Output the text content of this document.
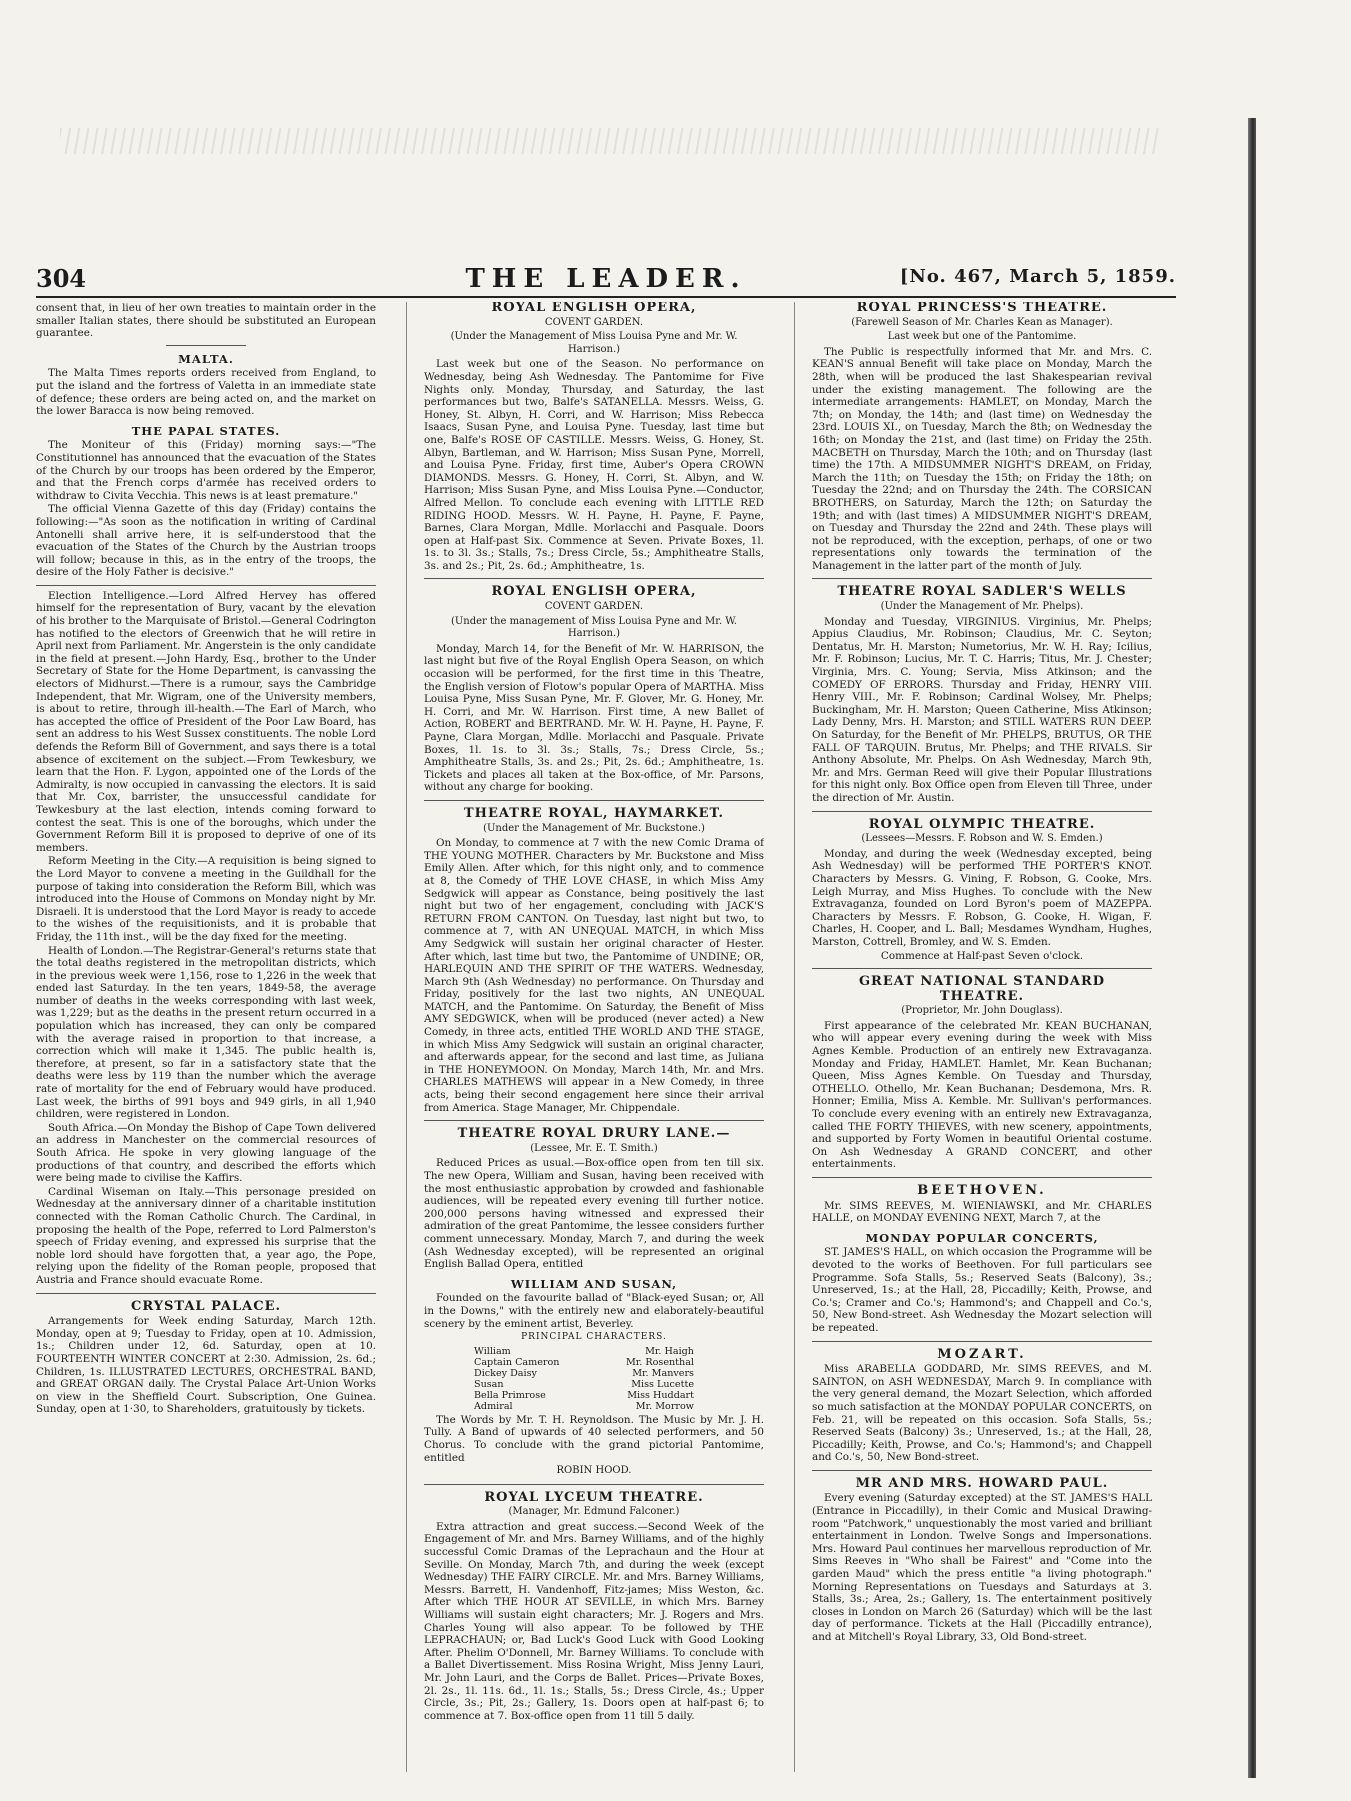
304	THE LEADER.	[No. 467, March 5, 1859.

consent that, in lieu of her own treaties to maintain order in the smaller Italian states, there should be substituted an European guarantee.

MALTA.

The Malta Times reports orders received from England, to put the island and the fortress of Valetta in an immediate state of defence; these orders are being acted on, and the market on the lower Baracca is now being removed.

THE PAPAL STATES.

The Moniteur of this (Friday) morning says:—"The Constitutionnel has announced that the evacuation of the States of the Church by our troops has been ordered by the Emperor, and that the French corps d'armée has received orders to withdraw to Civita Vecchia. This news is at least premature."

The official Vienna Gazette of this day (Friday) contains the following:—"As soon as the notification in writing of Cardinal Antonelli shall arrive here, it is self-understood that the evacuation of the States of the Church by the Austrian troops will follow; because in this, as in the entry of the troops, the desire of the Holy Father is decisive."

Election Intelligence.—Lord Alfred Hervey has offered himself for the representation of Bury, vacant by the elevation of his brother to the Marquisate of Bristol.—General Codrington has notified to the electors of Greenwich that he will retire in April next from Parliament. Mr. Angerstein is the only candidate in the field at present.—John Hardy, Esq., brother to the Under Secretary of State for the Home Department, is canvassing the electors of Midhurst.—There is a rumour, says the Cambridge Independent, that Mr. Wigram, one of the University members, is about to retire, through ill-health.—The Earl of March, who has accepted the office of President of the Poor Law Board, has sent an address to his West Sussex constituents. The noble Lord defends the Reform Bill of Government, and says there is a total absence of excitement on the subject.—From Tewkesbury, we learn that the Hon. F. Lygon, appointed one of the Lords of the Admiralty, is now occupied in canvassing the electors. It is said that Mr. Cox, barrister, the unsuccessful candidate for Tewkesbury at the last election, intends coming forward to contest the seat. This is one of the boroughs, which under the Government Reform Bill it is proposed to deprive of one of its members.

Reform Meeting in the City.—A requisition is being signed to the Lord Mayor to convene a meeting in the Guildhall for the purpose of taking into consideration the Reform Bill, which was introduced into the House of Commons on Monday night by Mr. Disraeli. It is understood that the Lord Mayor is ready to accede to the wishes of the requisitionists, and it is probable that Friday, the 11th inst., will be the day fixed for the meeting.

Health of London.—The Registrar-General's returns state that the total deaths registered in the metropolitan districts, which in the previous week were 1,156, rose to 1,226 in the week that ended last Saturday. In the ten years, 1849-58, the average number of deaths in the weeks corresponding with last week, was 1,229; but as the deaths in the present return occurred in a population which has increased, they can only be compared with the average raised in proportion to that increase, a correction which will make it 1,345. The public health is, therefore, at present, so far in a satisfactory state that the deaths were less by 119 than the number which the average rate of mortality for the end of February would have produced. Last week, the births of 991 boys and 949 girls, in all 1,940 children, were registered in London.

South Africa.—On Monday the Bishop of Cape Town delivered an address in Manchester on the commercial resources of South Africa. He spoke in very glowing language of the productions of that country, and described the efforts which were being made to civilise the Kaffirs.

Cardinal Wiseman on Italy.—This personage presided on Wednesday at the anniversary dinner of a charitable institution connected with the Roman Catholic Church. The Cardinal, in proposing the health of the Pope, referred to Lord Palmerston's speech of Friday evening, and expressed his surprise that the noble lord should have forgotten that, a year ago, the Pope, relying upon the fidelity of the Roman people, proposed that Austria and France should evacuate Rome.

CRYSTAL PALACE.

Arrangements for Week ending Saturday, March 12th. Monday, open at 9; Tuesday to Friday, open at 10. Admission, 1s.; Children under 12, 6d. Saturday, open at 10. FOURTEENTH WINTER CONCERT at 2:30. Admission, 2s. 6d.; Children, 1s. ILLUSTRATED LECTURES, ORCHESTRAL BAND, and GREAT ORGAN daily. The Crystal Palace Art-Union Works on view in the Sheffield Court. Subscription, One Guinea. Sunday, open at 1·30, to Shareholders, gratuitously by tickets.

ROYAL ENGLISH OPERA,
COVENT GARDEN.
(Under the Management of Miss Louisa Pyne and Mr. W. Harrison.)

Last week but one of the Season. No performance on Wednesday, being Ash Wednesday. The Pantomime for Five Nights only. Monday, Thursday, and Saturday, the last performances but two, Balfe's SATANELLA. Messrs. Weiss, G. Honey, St. Albyn, H. Corri, and W. Harrison; Miss Rebecca Isaacs, Susan Pyne, and Louisa Pyne. Tuesday, last time but one, Balfe's ROSE OF CASTILLE. Messrs. Weiss, G. Honey, St. Albyn, Bartleman, and W. Harrison; Miss Susan Pyne, Morrell, and Louisa Pyne. Friday, first time, Auber's Opera CROWN DIAMONDS. Messrs. G. Honey, H. Corri, St. Albyn, and W. Harrison; Miss Susan Pyne, and Miss Louisa Pyne.—Conductor, Alfred Mellon. To conclude each evening with LITTLE RED RIDING HOOD. Messrs. W. H. Payne, H. Payne, F. Payne, Barnes, Clara Morgan, Mdlle. Morlacchi and Pasquale. Doors open at Half-past Six. Commence at Seven. Private Boxes, 1l. 1s. to 3l. 3s.; Stalls, 7s.; Dress Circle, 5s.; Amphitheatre Stalls, 3s. and 2s.; Pit, 2s. 6d.; Amphitheatre, 1s.

ROYAL ENGLISH OPERA,
COVENT GARDEN.
(Under the management of Miss Louisa Pyne and Mr. W. Harrison.)

Monday, March 14, for the Benefit of Mr. W. HARRISON, the last night but five of the Royal English Opera Season, on which occasion will be performed, for the first time in this Theatre, the English version of Flotow's popular Opera of MARTHA. Miss Louisa Pyne, Miss Susan Pyne, Mr. F. Glover, Mr. G. Honey, Mr. H. Corri, and Mr. W. Harrison. First time, A new Ballet of Action, ROBERT and BERTRAND. Mr. W. H. Payne, H. Payne, F. Payne, Clara Morgan, Mdlle. Morlacchi and Pasquale. Private Boxes, 1l. 1s. to 3l. 3s.; Stalls, 7s.; Dress Circle, 5s.; Amphitheatre Stalls, 3s. and 2s.; Pit, 2s. 6d.; Amphitheatre, 1s. Tickets and places all taken at the Box-office, of Mr. Parsons, without any charge for booking.

THEATRE ROYAL, HAYMARKET.
(Under the Management of Mr. Buckstone.)

On Monday, to commence at 7 with the new Comic Drama of THE YOUNG MOTHER. Characters by Mr. Buckstone and Miss Emily Allen. After which, for this night only, and to commence at 8, the Comedy of THE LOVE CHASE, in which Miss Amy Sedgwick will appear as Constance, being positively the last night but two of her engagement, concluding with JACK'S RETURN FROM CANTON. On Tuesday, last night but two, to commence at 7, with AN UNEQUAL MATCH, in which Miss Amy Sedgwick will sustain her original character of Hester. After which, last time but two, the Pantomime of UNDINE; OR, HARLEQUIN AND THE SPIRIT OF THE WATERS. Wednesday, March 9th (Ash Wednesday) no performance. On Thursday and Friday, positively for the last two nights, AN UNEQUAL MATCH, and the Pantomime. On Saturday, the Benefit of Miss AMY SEDGWICK, when will be produced (never acted) a New Comedy, in three acts, entitled THE WORLD AND THE STAGE, in which Miss Amy Sedgwick will sustain an original character, and afterwards appear, for the second and last time, as Juliana in THE HONEYMOON. On Monday, March 14th, Mr. and Mrs. CHARLES MATHEWS will appear in a New Comedy, in three acts, being their second engagement here since their arrival from America. Stage Manager, Mr. Chippendale.

THEATRE ROYAL DRURY LANE.—
(Lessee, Mr. E. T. Smith.)

Reduced Prices as usual.—Box-office open from ten till six. The new Opera, William and Susan, having been received with the most enthusiastic approbation by crowded and fashionable audiences, will be repeated every evening till further notice. 200,000 persons having witnessed and expressed their admiration of the great Pantomime, the lessee considers further comment unnecessary. Monday, March 7, and during the week (Ash Wednesday excepted), will be represented an original English Ballad Opera, entitled

WILLIAM AND SUSAN,

Founded on the favourite ballad of "Black-eyed Susan; or, All in the Downs," with the entirely new and elaborately-beautiful scenery by the eminent artist, Beverley.

PRINCIPAL CHARACTERS.
William	Mr. Haigh
Captain Cameron	Mr. Rosenthal
Dickey Daisy	Mr. Manvers
Susan	Miss Lucette
Bella Primrose	Miss Huddart
Admiral	Mr. Morrow

The Words by Mr. T. H. Reynoldson. The Music by Mr. J. H. Tully. A Band of upwards of 40 selected performers, and 50 Chorus. To conclude with the grand pictorial Pantomime, entitled

ROBIN HOOD.
ROYAL LYCEUM THEATRE.
(Manager, Mr. Edmund Falconer.)

Extra attraction and great success.—Second Week of the Engagement of Mr. and Mrs. Barney Williams, and of the highly successful Comic Dramas of the Leprachaun and the Hour at Seville. On Monday, March 7th, and during the week (except Wednesday) THE FAIRY CIRCLE. Mr. and Mrs. Barney Williams, Messrs. Barrett, H. Vandenhoff, Fitz-james; Miss Weston, &c. After which THE HOUR AT SEVILLE, in which Mrs. Barney Williams will sustain eight characters; Mr. J. Rogers and Mrs. Charles Young will also appear. To be followed by THE LEPRACHAUN; or, Bad Luck's Good Luck with Good Looking After. Phelim O'Donnell, Mr. Barney Williams. To conclude with a Ballet Divertissement. Miss Rosina Wright, Miss Jenny Lauri, Mr. John Lauri, and the Corps de Ballet. Prices—Private Boxes, 2l. 2s., 1l. 11s. 6d., 1l. 1s.; Stalls, 5s.; Dress Circle, 4s.; Upper Circle, 3s.; Pit, 2s.; Gallery, 1s. Doors open at half-past 6; to commence at 7. Box-office open from 11 till 5 daily.

ROYAL PRINCESS'S THEATRE.
(Farewell Season of Mr. Charles Kean as Manager).
Last week but one of the Pantomime.

The Public is respectfully informed that Mr. and Mrs. C. KEAN'S annual Benefit will take place on Monday, March the 28th, when will be produced the last Shakespearian revival under the existing management. The following are the intermediate arrangements: HAMLET, on Monday, March the 7th; on Monday, the 14th; and (last time) on Wednesday the 23rd. LOUIS XI., on Tuesday, March the 8th; on Wednesday the 16th; on Monday the 21st, and (last time) on Friday the 25th. MACBETH on Thursday, March the 10th; and on Thursday (last time) the 17th. A MIDSUMMER NIGHT'S DREAM, on Friday, March the 11th; on Tuesday the 15th; on Friday the 18th; on Tuesday the 22nd; and on Thursday the 24th. The CORSICAN BROTHERS, on Saturday, March the 12th; on Saturday the 19th; and with (last times) A MIDSUMMER NIGHT'S DREAM, on Tuesday and Thursday the 22nd and 24th. These plays will not be reproduced, with the exception, perhaps, of one or two representations only towards the termination of the Management in the latter part of the month of July.

THEATRE ROYAL SADLER'S WELLS
(Under the Management of Mr. Phelps).

Monday and Tuesday, VIRGINIUS. Virginius, Mr. Phelps; Appius Claudius, Mr. Robinson; Claudius, Mr. C. Seyton; Dentatus, Mr. H. Marston; Numetorius, Mr. W. H. Ray; Icilius, Mr. F. Robinson; Lucius, Mr. T. C. Harris; Titus, Mr. J. Chester; Virginia, Mrs. C. Young; Servia, Miss Atkinson; and the COMEDY OF ERRORS. Thursday and Friday, HENRY VIII. Henry VIII., Mr. F. Robinson; Cardinal Wolsey, Mr. Phelps; Buckingham, Mr. H. Marston; Queen Catherine, Miss Atkinson; Lady Denny, Mrs. H. Marston; and STILL WATERS RUN DEEP. On Saturday, for the Benefit of Mr. PHELPS, BRUTUS, OR THE FALL OF TARQUIN. Brutus, Mr. Phelps; and THE RIVALS. Sir Anthony Absolute, Mr. Phelps. On Ash Wednesday, March 9th, Mr. and Mrs. German Reed will give their Popular Illustrations for this night only. Box Office open from Eleven till Three, under the direction of Mr. Austin.

ROYAL OLYMPIC THEATRE.
(Lessees—Messrs. F. Robson and W. S. Emden.)

Monday, and during the week (Wednesday excepted, being Ash Wednesday) will be performed THE PORTER'S KNOT. Characters by Messrs. G. Vining, F. Robson, G. Cooke, Mrs. Leigh Murray, and Miss Hughes. To conclude with the New Extravaganza, founded on Lord Byron's poem of MAZEPPA. Characters by Messrs. F. Robson, G. Cooke, H. Wigan, F. Charles, H. Cooper, and L. Ball; Mesdames Wyndham, Hughes, Marston, Cottrell, Bromley, and W. S. Emden.

Commence at Half-past Seven o'clock.

GREAT NATIONAL STANDARD
THEATRE.
(Proprietor, Mr. John Douglass).

First appearance of the celebrated Mr. KEAN BUCHANAN, who will appear every evening during the week with Miss Agnes Kemble. Production of an entirely new Extravaganza. Monday and Friday, HAMLET. Hamlet, Mr. Kean Buchanan; Queen, Miss Agnes Kemble. On Tuesday and Thursday, OTHELLO. Othello, Mr. Kean Buchanan; Desdemona, Mrs. R. Honner; Emilia, Miss A. Kemble. Mr. Sullivan's performances. To conclude every evening with an entirely new Extravaganza, called THE FORTY THIEVES, with new scenery, appointments, and supported by Forty Women in beautiful Oriental costume. On Ash Wednesday A GRAND CONCERT, and other entertainments.

BEETHOVEN.

Mr. SIMS REEVES, M. WIENIAWSKI, and Mr. CHARLES HALLE, on MONDAY EVENING NEXT, March 7, at the

MONDAY POPULAR CONCERTS,

ST. JAMES'S HALL, on which occasion the Programme will be devoted to the works of Beethoven. For full particulars see Programme. Sofa Stalls, 5s.; Reserved Seats (Balcony), 3s.; Unreserved, 1s.; at the Hall, 28, Piccadilly; Keith, Prowse, and Co.'s; Cramer and Co.'s; Hammond's; and Chappell and Co.'s, 50, New Bond-street. Ash Wednesday the Mozart selection will be repeated.

MOZART.

Miss ARABELLA GODDARD, Mr. SIMS REEVES, and M. SAINTON, on ASH WEDNESDAY, March 9. In compliance with the very general demand, the Mozart Selection, which afforded so much satisfaction at the MONDAY POPULAR CONCERTS, on Feb. 21, will be repeated on this occasion. Sofa Stalls, 5s.; Reserved Seats (Balcony) 3s.; Unreserved, 1s.; at the Hall, 28, Piccadilly; Keith, Prowse, and Co.'s; Hammond's; and Chappell and Co.'s, 50, New Bond-street.

MR AND MRS. HOWARD PAUL.

Every evening (Saturday excepted) at the ST. JAMES'S HALL (Entrance in Piccadilly), in their Comic and Musical Drawing-room "Patchwork," unquestionably the most varied and brilliant entertainment in London. Twelve Songs and Impersonations. Mrs. Howard Paul continues her marvellous reproduction of Mr. Sims Reeves in "Who shall be Fairest" and "Come into the garden Maud" which the press entitle "a living photograph." Morning Representations on Tuesdays and Saturdays at 3. Stalls, 3s.; Area, 2s.; Gallery, 1s. The entertainment positively closes in London on March 26 (Saturday) which will be the last day of performance. Tickets at the Hall (Piccadilly entrance), and at Mitchell's Royal Library, 33, Old Bond-street.
